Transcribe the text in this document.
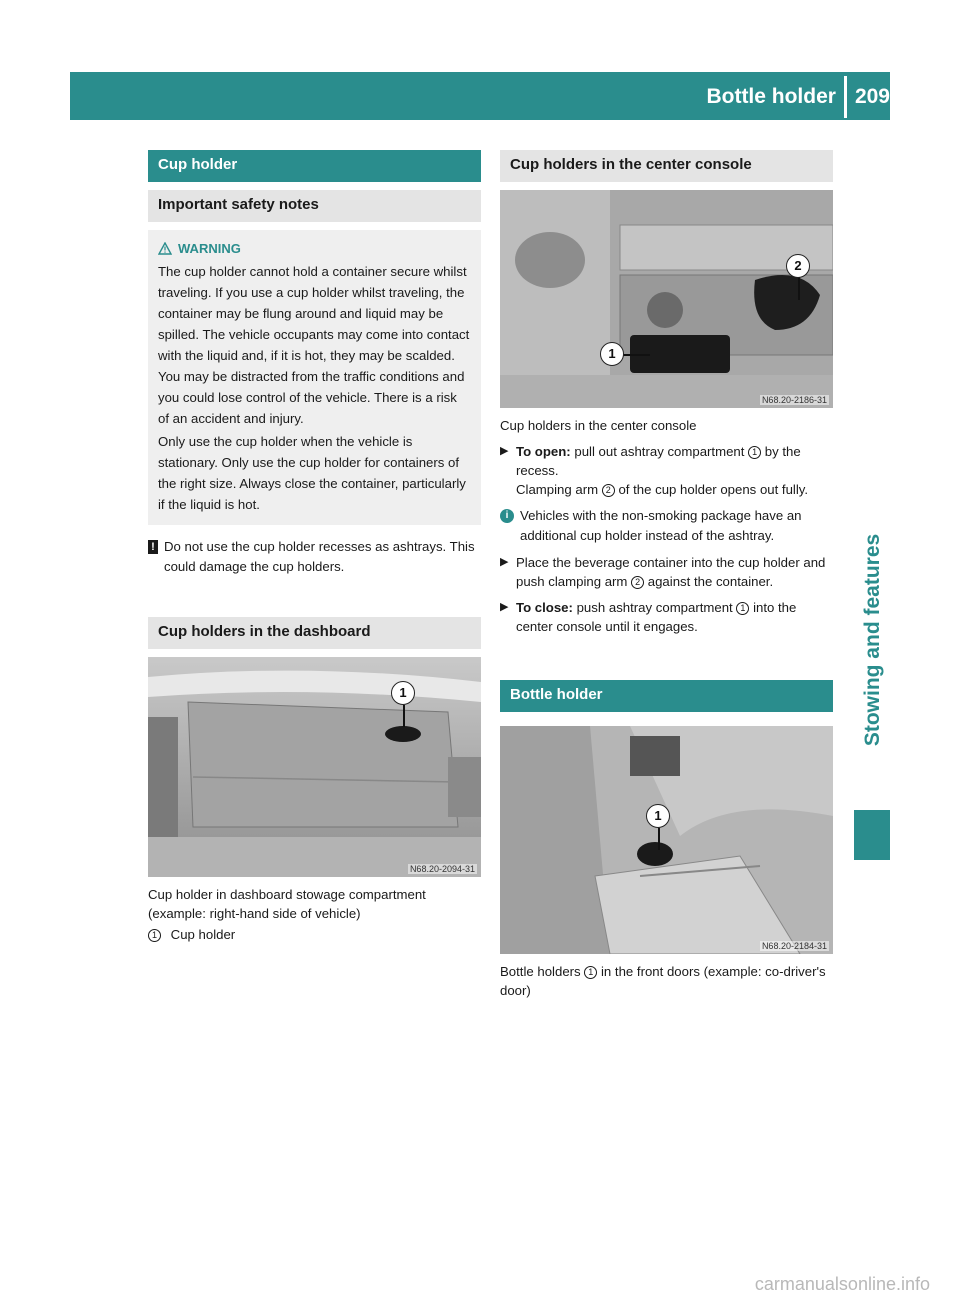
Bottle holder 209
Stowing and features
Cup holder
Important safety notes
WARNING

The cup holder cannot hold a container secure whilst traveling. If you use a cup holder whilst traveling, the container may be flung around and liquid may be spilled. The vehicle occupants may come into contact with the liquid and, if it is hot, they may be scalded. You may be distracted from the traffic conditions and you could lose control of the vehicle. There is a risk of an accident and injury.

Only use the cup holder when the vehicle is stationary. Only use the cup holder for containers of the right size. Always close the container, particularly if the liquid is hot.

! Do not use the cup holder recesses as ashtrays. This could damage the cup holders.
Cup holders in the dashboard
1
N68.20-2094-31
Cup holder in dashboard stowage compartment
(example: right-hand side of vehicle)
1 Cup holder
Cup holders in the center console
2
1
N68.20-2186-31
Cup holders in the center console
▶ To open: pull out ashtray compartment 1 by the recess.
Clamping arm 2 of the cup holder opens out fully.
i Vehicles with the non-smoking package have an additional cup holder instead of the ashtray.
▶ Place the beverage container into the cup holder and push clamping arm 2 against the container.
▶ To close: push ashtray compartment 1 into the center console until it engages.
Bottle holder
1
N68.20-2184-31
Bottle holders 1 in the front doors (example: co-driver's door)
carmanualsonline.info
